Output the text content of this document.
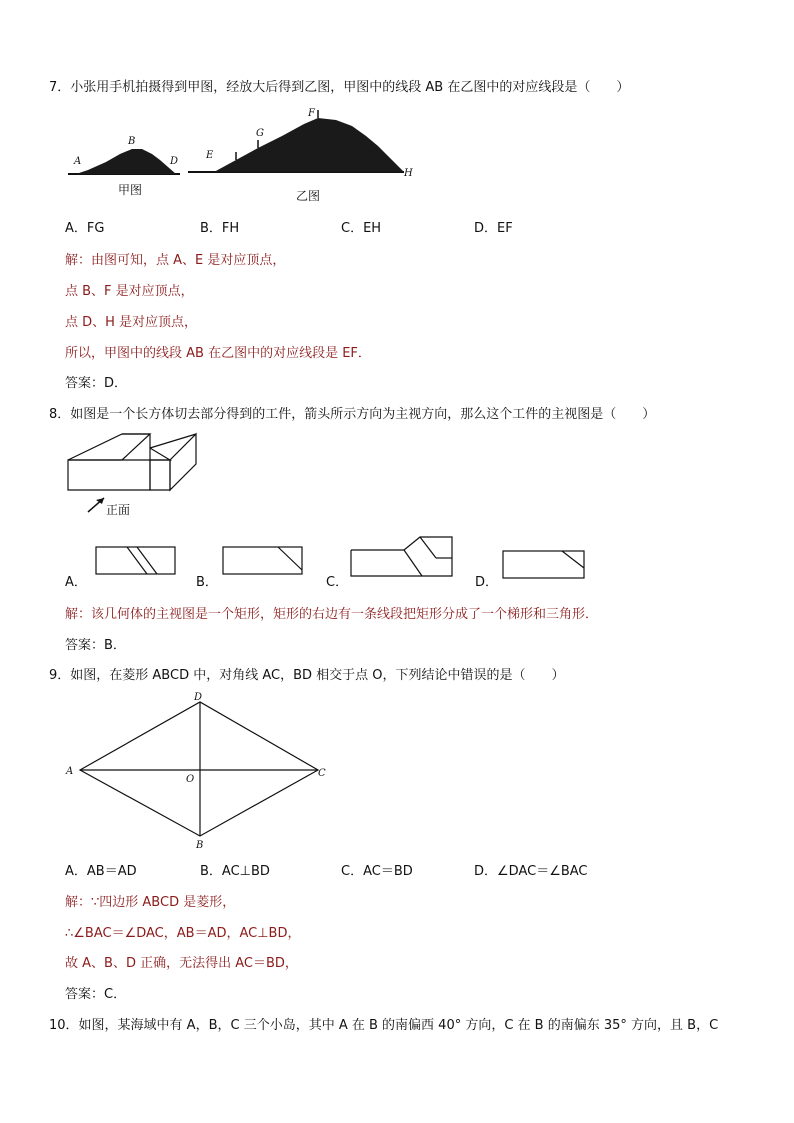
7．小张用手机拍摄得到甲图，经放大后得到乙图，甲图中的线段 AB 在乙图中的对应线段是（　　）
A
B
D
甲图
E
G
F
H
乙图
A．FG	B．FH	C．EH	D．EF
解：由图可知，点 A、E 是对应顶点，
点 B、F 是对应顶点，
点 D、H 是对应顶点，
所以，甲图中的线段 AB 在乙图中的对应线段是 EF．
答案：D．
8．如图是一个长方体切去部分得到的工件，箭头所示方向为主视方向，那么这个工件的主视图是（　　）
正面
A．	B．	C．	D．
解：该几何体的主视图是一个矩形，矩形的右边有一条线段把矩形分成了一个梯形和三角形．
答案：B．
9．如图，在菱形 ABCD 中，对角线 AC，BD 相交于点 O，下列结论中错误的是（　　）
D
A
O
C
B
A．AB＝AD	B．AC⊥BD	C．AC＝BD	D．∠DAC＝∠BAC
解：∵四边形 ABCD 是菱形，
∴∠BAC＝∠DAC，AB＝AD，AC⊥BD，
故 A、B、D 正确，无法得出 AC＝BD，
答案：C．
10．如图，某海域中有 A，B，C 三个小岛，其中 A 在 B 的南偏西 40° 方向，C 在 B 的南偏东 35° 方向，且 B，C
